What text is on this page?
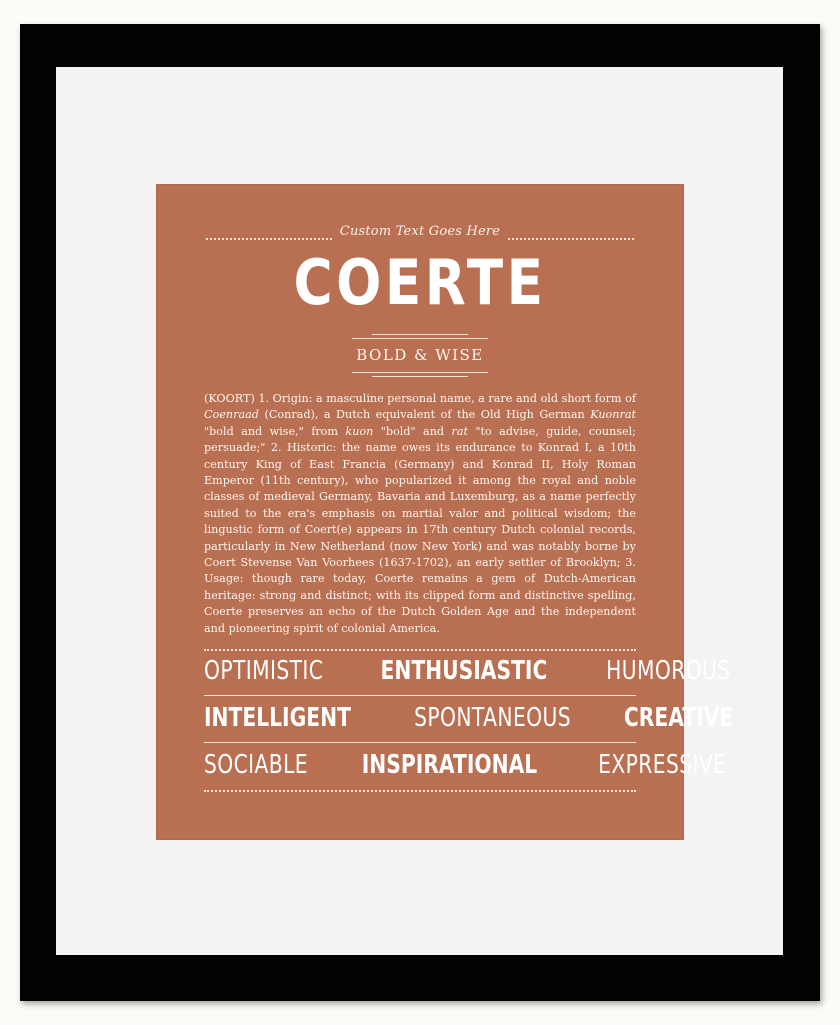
Custom Text Goes Here
COERTE
BOLD & WISE
(KOORT) 1. Origin: a masculine personal name, a rare and old short form of Coenraad (Conrad), a Dutch equivalent of the Old High German Kuonrat "bold and wise," from kuon "bold" and rat "to advise, guide, counsel; persuade;" 2. Historic: the name owes its endurance to Konrad I, a 10th century King of East Francia (Germany) and Konrad II, Holy Roman Emperor (11th century), who popularized it among the royal and noble classes of medieval Germany, Bavaria and Luxemburg, as a name perfectly suited to the era's emphasis on martial valor and political wisdom; the lingustic form of Coert(e) appears in 17th century Dutch colonial records, particularly in New Netherland (now New York) and was notably borne by Coert Stevense Van Voorhees (1637-1702), an early settler of Brooklyn; 3. Usage: though rare today, Coerte remains a gem of Dutch-American heritage: strong and distinct; with its clipped form and distinctive spelling, Coerte preserves an echo of the Dutch Golden Age and the independent and pioneering spirit of colonial America.
OPTIMISTIC ENTHUSIASTIC HUMOROUS
INTELLIGENT SPONTANEOUS CREATIVE
SOCIABLE INSPIRATIONAL EXPRESSIVE
